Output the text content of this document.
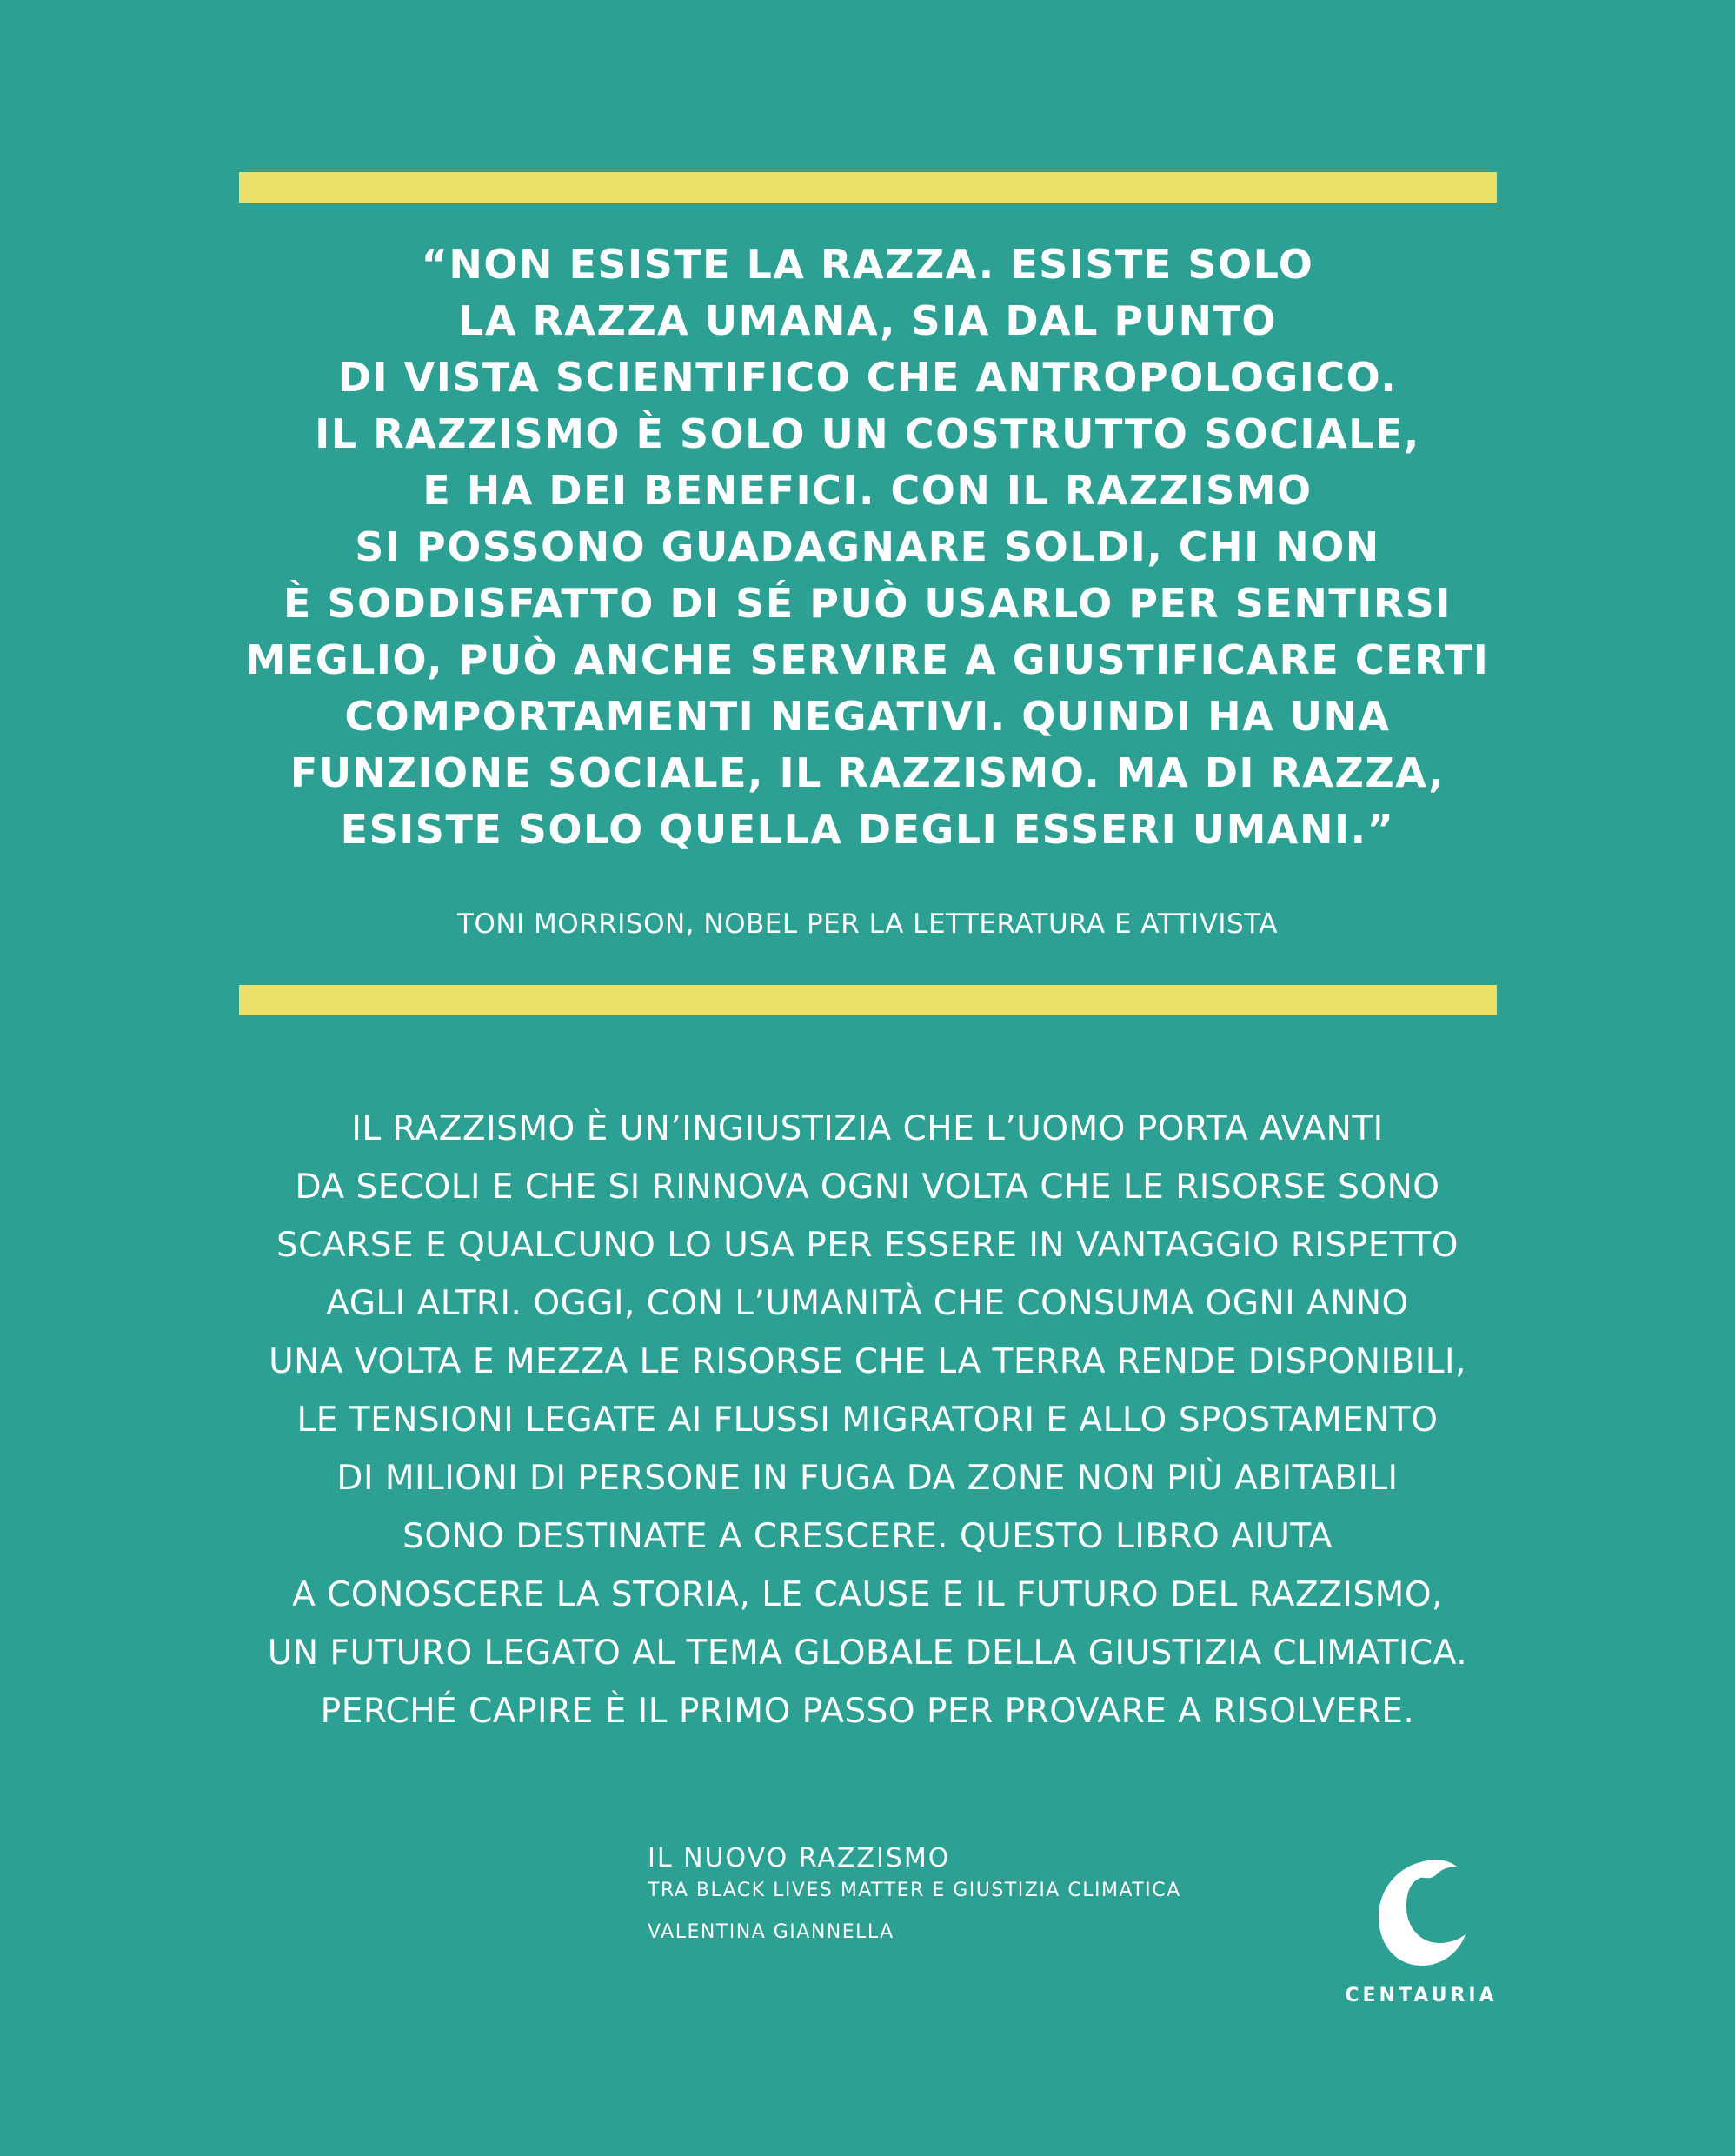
“NON ESISTE LA RAZZA. ESISTE SOLO
LA RAZZA UMANA, SIA DAL PUNTO
DI VISTA SCIENTIFICO CHE ANTROPOLOGICO.
IL RAZZISMO È SOLO UN COSTRUTTO SOCIALE,
E HA DEI BENEFICI. CON IL RAZZISMO
SI POSSONO GUADAGNARE SOLDI, CHI NON
È SODDISFATTO DI SÉ PUÒ USARLO PER SENTIRSI
MEGLIO, PUÒ ANCHE SERVIRE A GIUSTIFICARE CERTI
COMPORTAMENTI NEGATIVI. QUINDI HA UNA
FUNZIONE SOCIALE, IL RAZZISMO. MA DI RAZZA,
ESISTE SOLO QUELLA DEGLI ESSERI UMANI.”

TONI MORRISON, NOBEL PER LA LETTERATURA E ATTIVISTA

IL RAZZISMO È UN’INGIUSTIZIA CHE L’UOMO PORTA AVANTI
DA SECOLI E CHE SI RINNOVA OGNI VOLTA CHE LE RISORSE SONO
SCARSE E QUALCUNO LO USA PER ESSERE IN VANTAGGIO RISPETTO
AGLI ALTRI. OGGI, CON L’UMANITÀ CHE CONSUMA OGNI ANNO
UNA VOLTA E MEZZA LE RISORSE CHE LA TERRA RENDE DISPONIBILI,
LE TENSIONI LEGATE AI FLUSSI MIGRATORI E ALLO SPOSTAMENTO
DI MILIONI DI PERSONE IN FUGA DA ZONE NON PIÙ ABITABILI
SONO DESTINATE A CRESCERE. QUESTO LIBRO AIUTA
A CONOSCERE LA STORIA, LE CAUSE E IL FUTURO DEL RAZZISMO,
UN FUTURO LEGATO AL TEMA GLOBALE DELLA GIUSTIZIA CLIMATICA.
PERCHÉ CAPIRE È IL PRIMO PASSO PER PROVARE A RISOLVERE.

IL NUOVO RAZZISMO

TRA BLACK LIVES MATTER E GIUSTIZIA CLIMATICA

VALENTINA GIANNELLA

CENTAURIA
